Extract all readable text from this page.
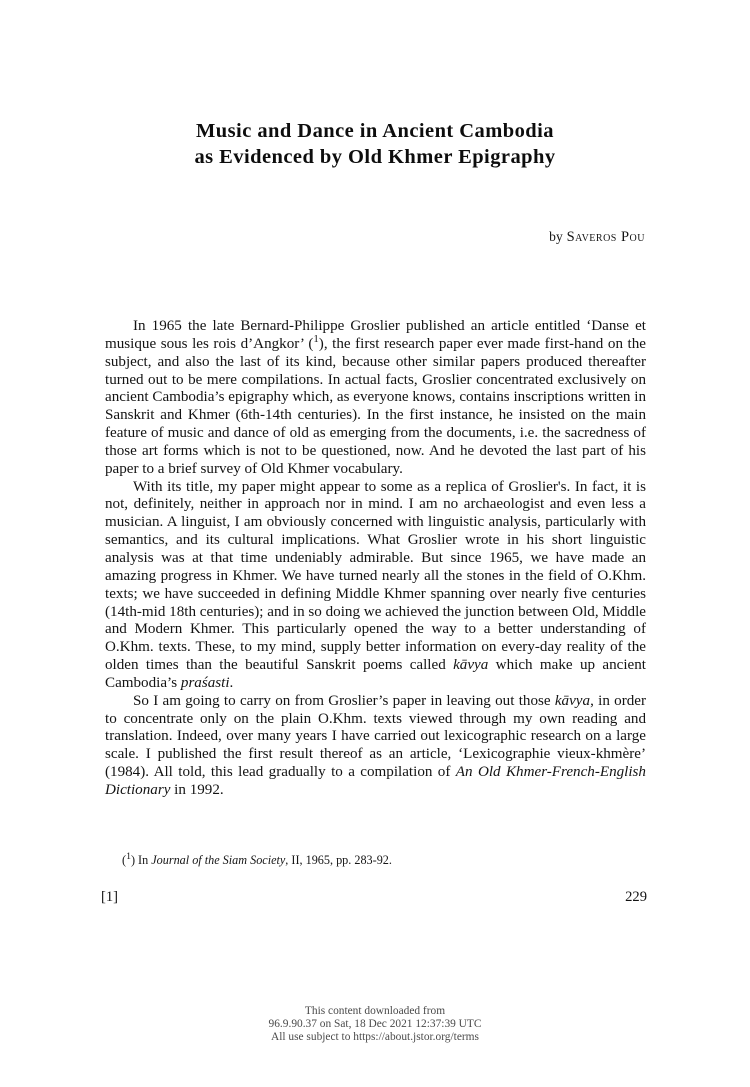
Music and Dance in Ancient Cambodia
as Evidenced by Old Khmer Epigraphy
by Saveros Pou

In 1965 the late Bernard-Philippe Groslier published an article entitled ‘Danse et musique sous les rois d’Angkor’ ($^1$), the first research paper ever made first-hand on the subject, and also the last of its kind, because other similar papers produced thereafter turned out to be mere compilations. In actual facts, Groslier concentrated exclusively on ancient Cambodia’s epigraphy which, as everyone knows, contains inscriptions written in Sanskrit and Khmer (6th-14th centuries). In the first instance, he insisted on the main feature of music and dance of old as emerging from the documents, i.e. the sacredness of those art forms which is not to be questioned, now. And he devoted the last part of his paper to a brief survey of Old Khmer vocabulary.

With its title, my paper might appear to some as a replica of Groslier's. In fact, it is not, definitely, neither in approach nor in mind. I am no archaeologist and even less a musician. A linguist, I am obviously concerned with linguistic analysis, particularly with semantics, and its cultural implications. What Groslier wrote in his short linguistic analysis was at that time undeniably admirable. But since 1965, we have made an amazing progress in Khmer. We have turned nearly all the stones in the field of O.Khm. texts; we have succeeded in defining Middle Khmer spanning over nearly five centuries (14th-mid 18th centuries); and in so doing we achieved the junction between Old, Middle and Modern Khmer. This particularly opened the way to a better understanding of O.Khm. texts. These, to my mind, supply better information on every-day reality of the olden times than the beautiful Sanskrit poems called kāvya which make up ancient Cambodia’s praśasti.

So I am going to carry on from Groslier’s paper in leaving out those kāvya, in order to concentrate only on the plain O.Khm. texts viewed through my own reading and translation. Indeed, over many years I have carried out lexicographic research on a large scale. I published the first result thereof as an article, ‘Lexicographie vieux-khmère’ (1984). All told, this lead gradually to a compilation of An Old Khmer-French-English Dictionary in 1992.

($^1$) In Journal of the Siam Society, II, 1965, pp. 283-92.
[1]	229
This content downloaded from
96.9.90.37 on Sat, 18 Dec 2021 12:37:39 UTC
All use subject to https://about.jstor.org/terms
